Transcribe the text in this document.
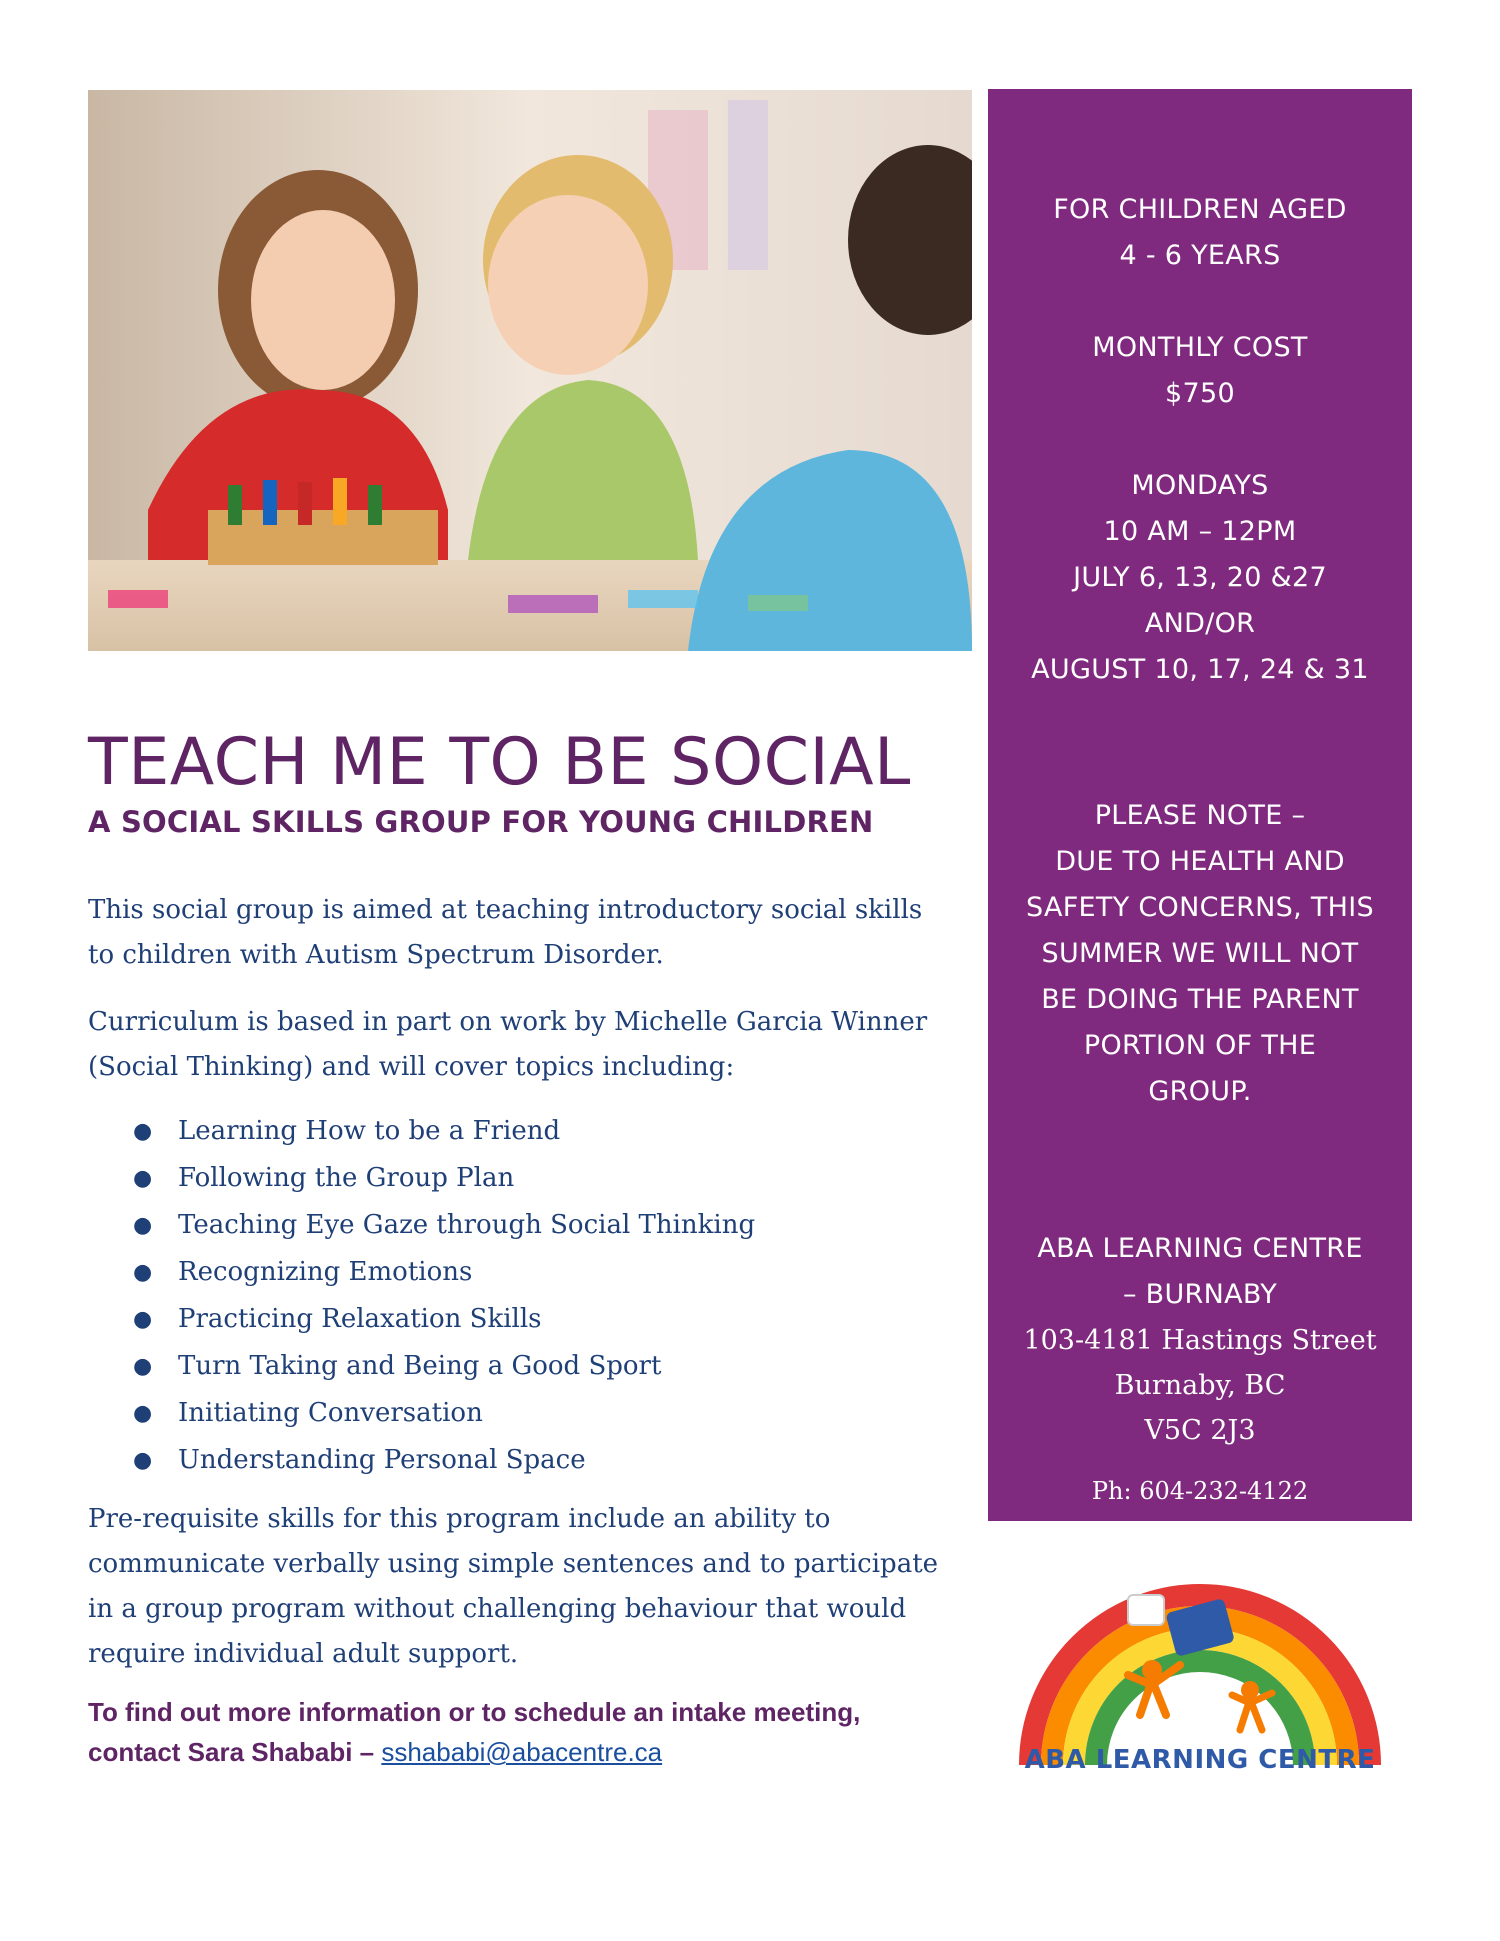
FOR CHILDREN AGED
4 - 6 YEARS
MONTHLY COST
$750
MONDAYS
10 AM – 12PM
JULY 6, 13, 20 &27
AND/OR
AUGUST 10, 17, 24 & 31
PLEASE NOTE –
DUE TO HEALTH AND
SAFETY CONCERNS, THIS
SUMMER WE WILL NOT
BE DOING THE PARENT
PORTION OF THE
GROUP.
ABA LEARNING CENTRE
– BURNABY
103-4181 Hastings Street
Burnaby, BC
V5C 2J3
Ph: 604-232-4122
TEACH ME TO BE SOCIAL
A SOCIAL SKILLS GROUP FOR YOUNG CHILDREN

This social group is aimed at teaching introductory social skills
to children with Autism Spectrum Disorder.

Curriculum is based in part on work by Michelle Garcia Winner
(Social Thinking) and will cover topics including:

● Learning How to be a Friend
● Following the Group Plan
● Teaching Eye Gaze through Social Thinking
● Recognizing Emotions
● Practicing Relaxation Skills
● Turn Taking and Being a Good Sport
● Initiating Conversation
● Understanding Personal Space

Pre-requisite skills for this program include an ability to
communicate verbally using simple sentences and to participate
in a group program without challenging behaviour that would
require individual adult support.

To find out more information or to schedule an intake meeting,
contact Sara Shababi – sshababi@abacentre.ca	ABA LEARNING CENTRE
